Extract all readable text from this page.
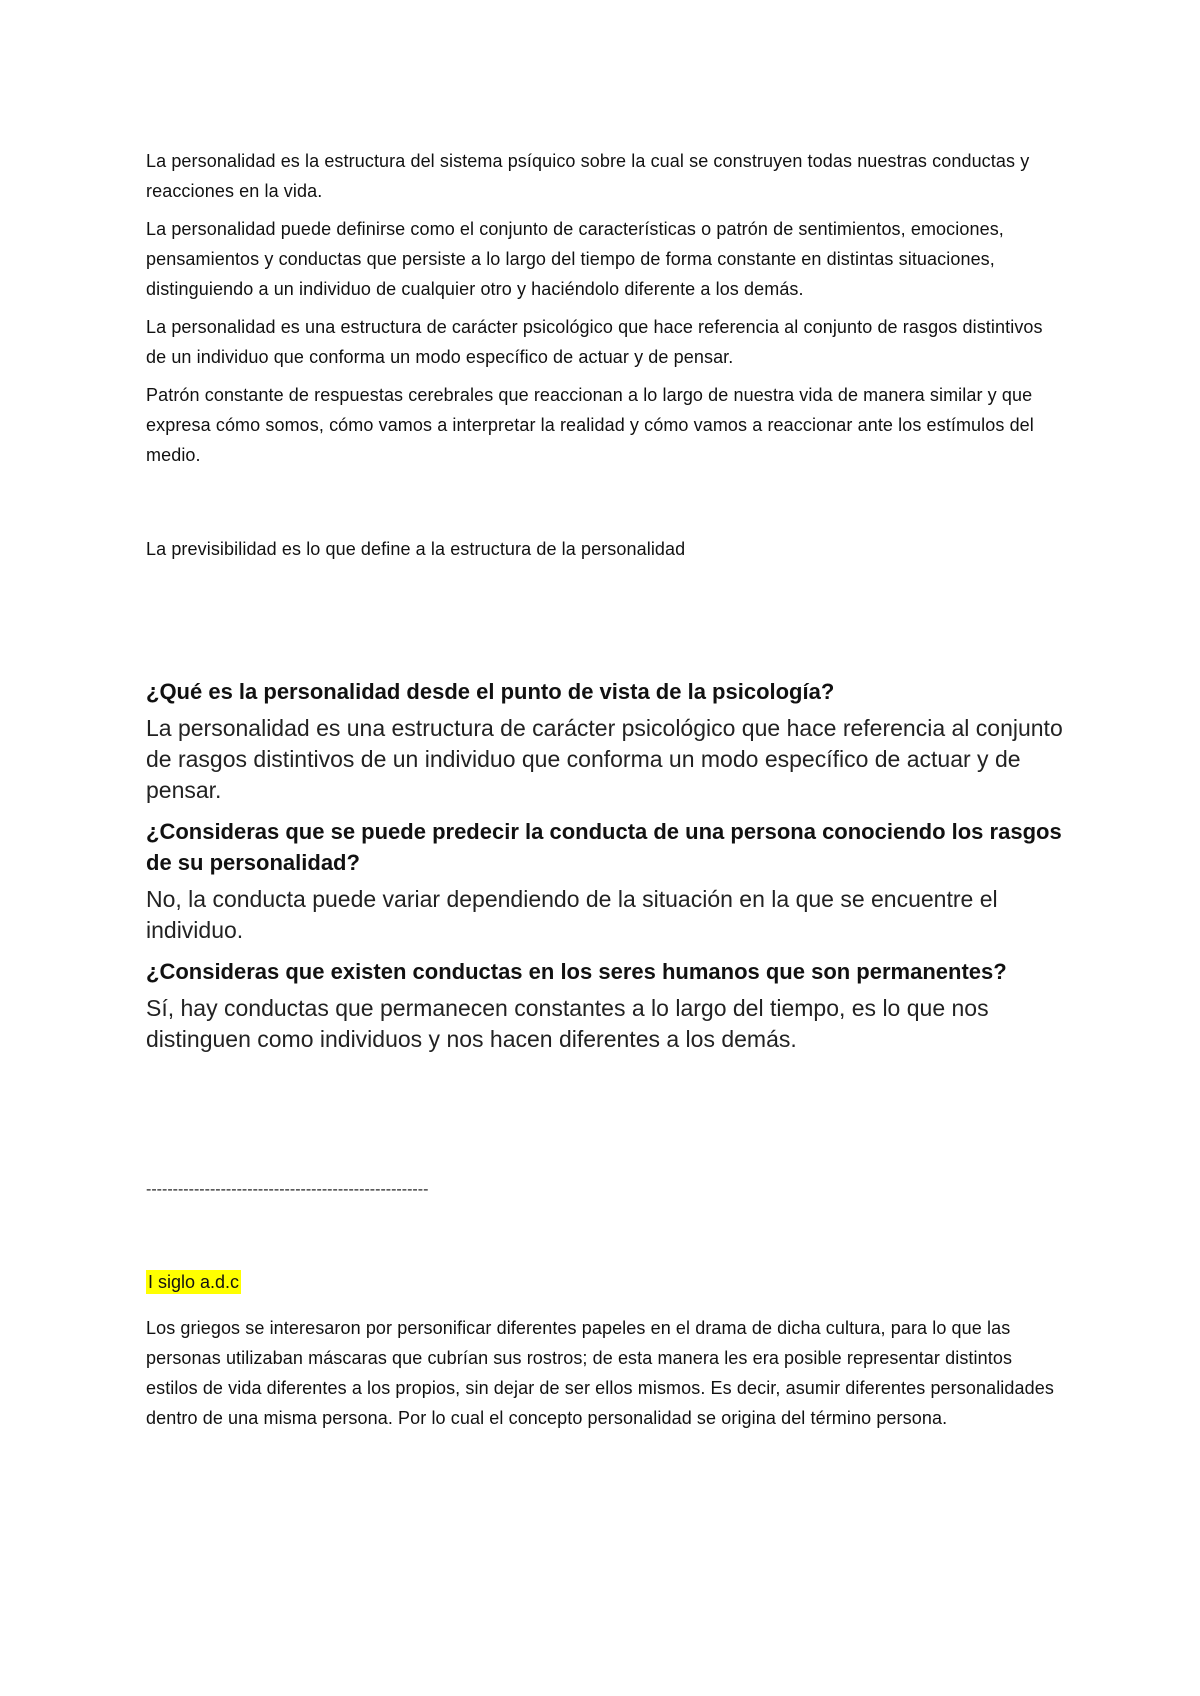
La personalidad es la estructura del sistema psíquico sobre la cual se construyen todas nuestras conductas y reacciones en la vida.

La personalidad puede definirse como el conjunto de características o patrón de sentimientos, emociones, pensamientos y conductas que persiste a lo largo del tiempo de forma constante en distintas situaciones, distinguiendo a un individuo de cualquier otro y haciéndolo diferente a los demás.

La personalidad es una estructura de carácter psicológico que hace referencia al conjunto de rasgos distintivos de un individuo que conforma un modo específico de actuar y de pensar.

Patrón constante de respuestas cerebrales que reaccionan a lo largo de nuestra vida de manera similar y que expresa cómo somos, cómo vamos a interpretar la realidad y cómo vamos a reaccionar ante los estímulos del medio.

La previsibilidad es lo que define a la estructura de la personalidad

¿Qué es la personalidad desde el punto de vista de la psicología?

La personalidad es una estructura de carácter psicológico que hace referencia al conjunto de rasgos distintivos de un individuo que conforma un modo específico de actuar y de pensar.

¿Consideras que se puede predecir la conducta de una persona conociendo los rasgos de su personalidad?

No, la conducta puede variar dependiendo de la situación en la que se encuentre el individuo.

¿Consideras que existen conductas en los seres humanos que son permanentes?

Sí, hay conductas que permanecen constantes a lo largo del tiempo, es lo que nos distinguen como individuos y nos hacen diferentes a los demás.

-----------------------------------------------------

I siglo a.d.c

Los griegos se interesaron por personificar diferentes papeles en el drama de dicha cultura, para lo que las personas utilizaban máscaras que cubrían sus rostros; de esta manera les era posible representar distintos estilos de vida diferentes a los propios, sin dejar de ser ellos mismos. Es decir, asumir diferentes personalidades dentro de una misma persona. Por lo cual el concepto personalidad se origina del término persona.
